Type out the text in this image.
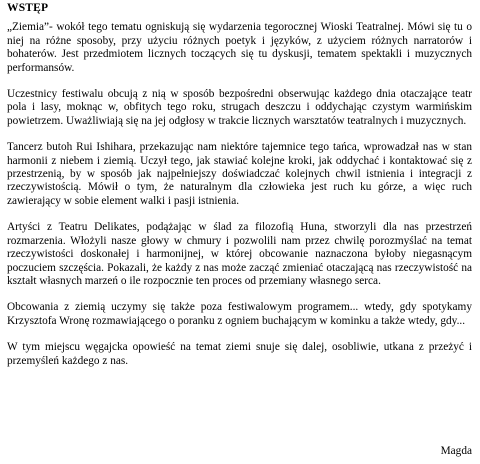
WSTĘP

„Ziemia”- wokół tego tematu ogniskują się wydarzenia tegorocznej Wioski Teatralnej. Mówi się tu o niej na różne sposoby, przy użyciu różnych poetyk i języków, z użyciem różnych narratorów i bohaterów. Jest przedmiotem licznych toczących się tu dyskusji, tematem spektakli i muzycznych performansów.

Uczestnicy festiwalu obcują z nią w sposób bezpośredni obserwując każdego dnia otaczające teatr pola i lasy, moknąc w, obfitych tego roku, strugach deszczu i oddychając czystym warmińskim powietrzem. Uważliwiają się na jej odgłosy w trakcie licznych warsztatów teatralnych i muzycznych.

Tancerz butoh Rui Ishihara, przekazując nam niektóre tajemnice tego tańca, wprowadzał nas w stan harmonii z niebem i ziemią. Uczył tego, jak stawiać kolejne kroki, jak oddychać i kontaktować się z przestrzenią, by w sposób jak najpełniejszy doświadczać kolejnych chwil istnienia i integracji z rzeczywistością. Mówił o tym, że naturalnym dla człowieka jest ruch ku górze, a więc ruch zawierający w sobie element walki i pasji istnienia.

Artyści z Teatru Delikates, podążając w ślad za filozofią Huna, stworzyli dla nas przestrzeń rozmarzenia. Włożyli nasze głowy w chmury i pozwolili nam przez chwilę porozmyślać na temat rzeczywistości doskonałej i harmonijnej, w której obcowanie naznaczona byłoby niegasnącym poczuciem szczęścia. Pokazali, że każdy z nas może zacząć zmieniać otaczającą nas rzeczywistość na kształt własnych marzeń o ile rozpocznie ten proces od przemiany własnego serca.

Obcowania z ziemią uczymy się także poza festiwalowym programem... wtedy, gdy spotykamy Krzysztofa Wronę rozmawiającego o poranku z ogniem buchającym w kominku a także wtedy, gdy...

W tym miejscu węgajcka opowieść na temat ziemi snuje się dalej, osobliwie, utkana z przeżyć i przemyśleń każdego z nas.

Magda
